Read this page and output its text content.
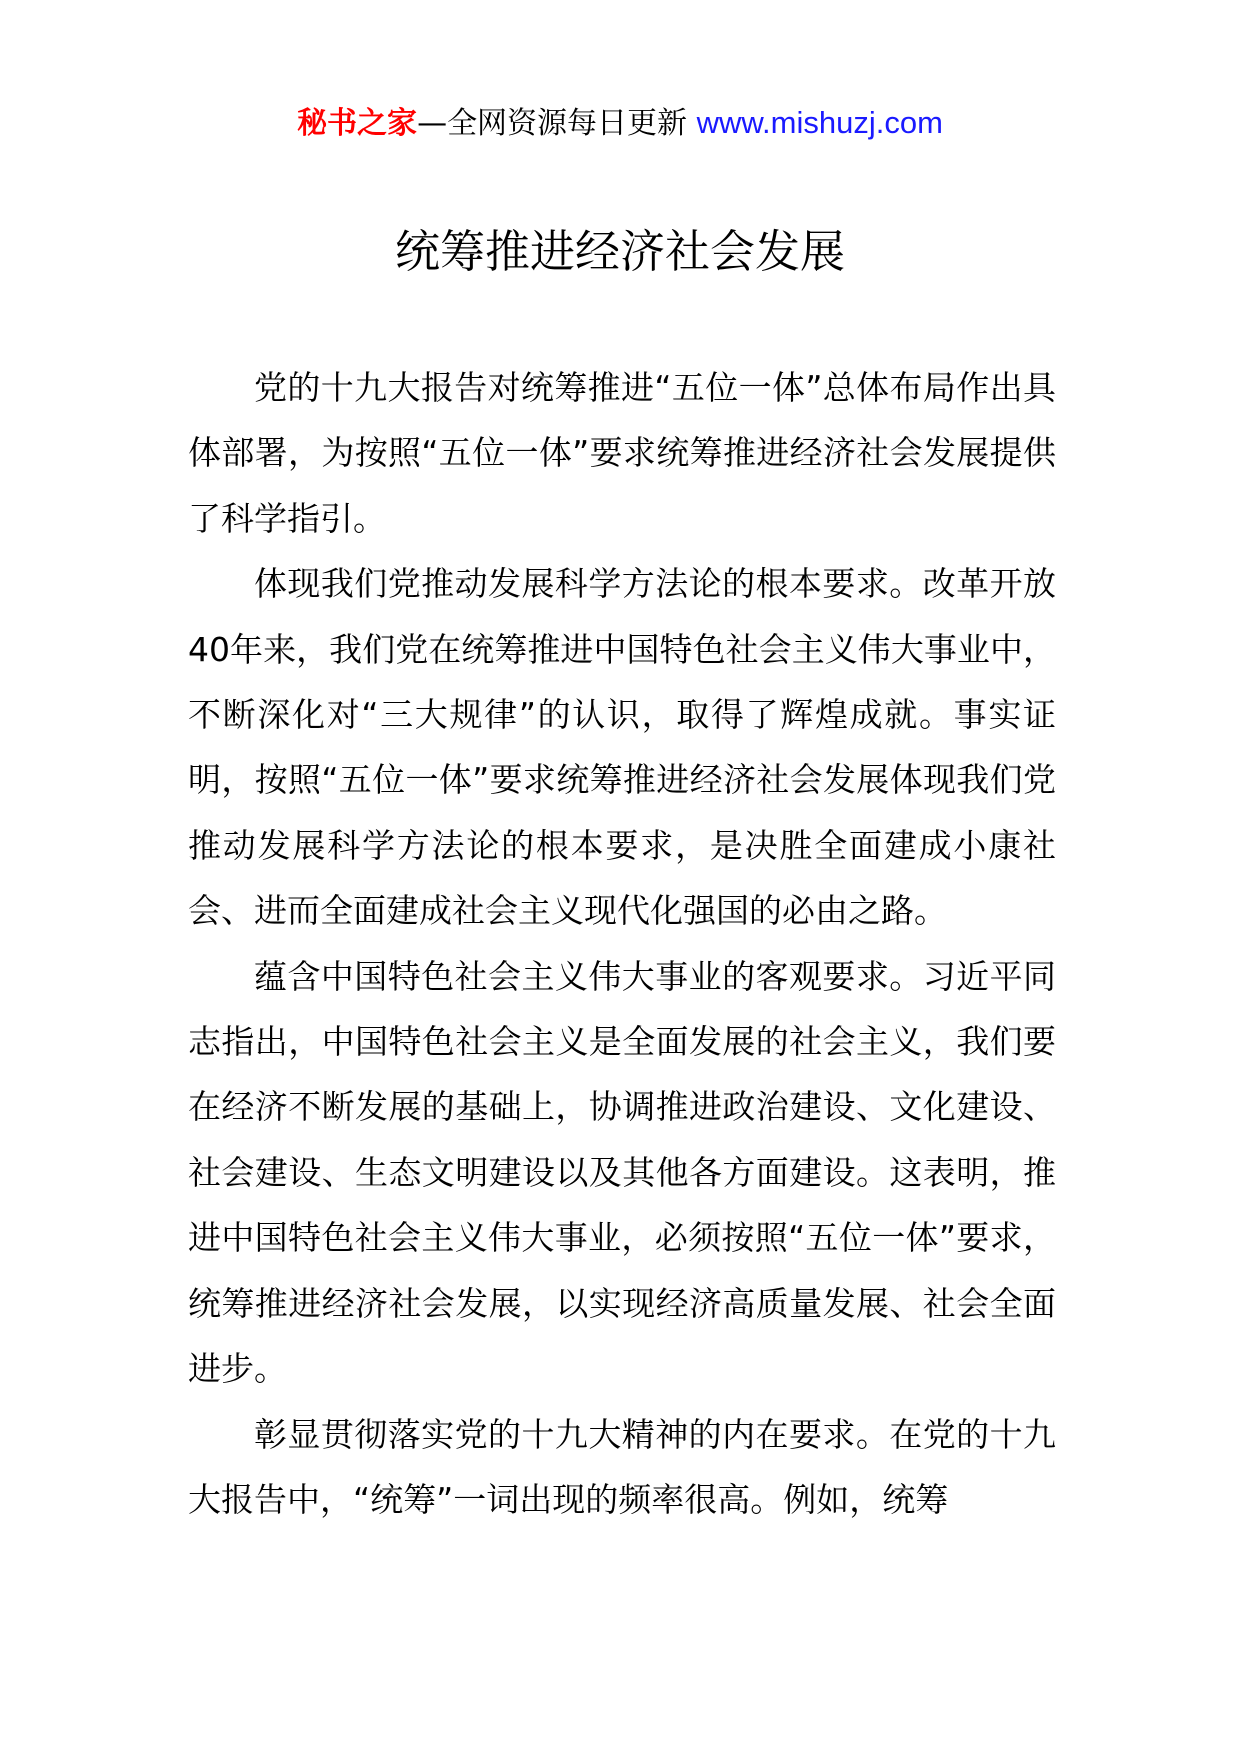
秘书之家—全网资源每日更新 www.mishuzj.com
统筹推进经济社会发展

党的十九大报告对统筹推进“五位一体”总体布局作出具体部署，为按照“五位一体”要求统筹推进经济社会发展提供了科学指引。

体现我们党推动发展科学方法论的根本要求。改革开放40年来，我们党在统筹推进中国特色社会主义伟大事业中，不断深化对“三大规律”的认识，取得了辉煌成就。事实证明，按照“五位一体”要求统筹推进经济社会发展体现我们党推动发展科学方法论的根本要求，是决胜全面建成小康社会、进而全面建成社会主义现代化强国的必由之路。

蕴含中国特色社会主义伟大事业的客观要求。习近平同志指出，中国特色社会主义是全面发展的社会主义，我们要在经济不断发展的基础上，协调推进政治建设、文化建设、社会建设、生态文明建设以及其他各方面建设。这表明，推进中国特色社会主义伟大事业，必须按照“五位一体”要求，统筹推进经济社会发展，以实现经济高质量发展、社会全面进步。

彰显贯彻落实党的十九大精神的内在要求。在党的十九大报告中，“统筹”一词出现的频率很高。例如，统筹
